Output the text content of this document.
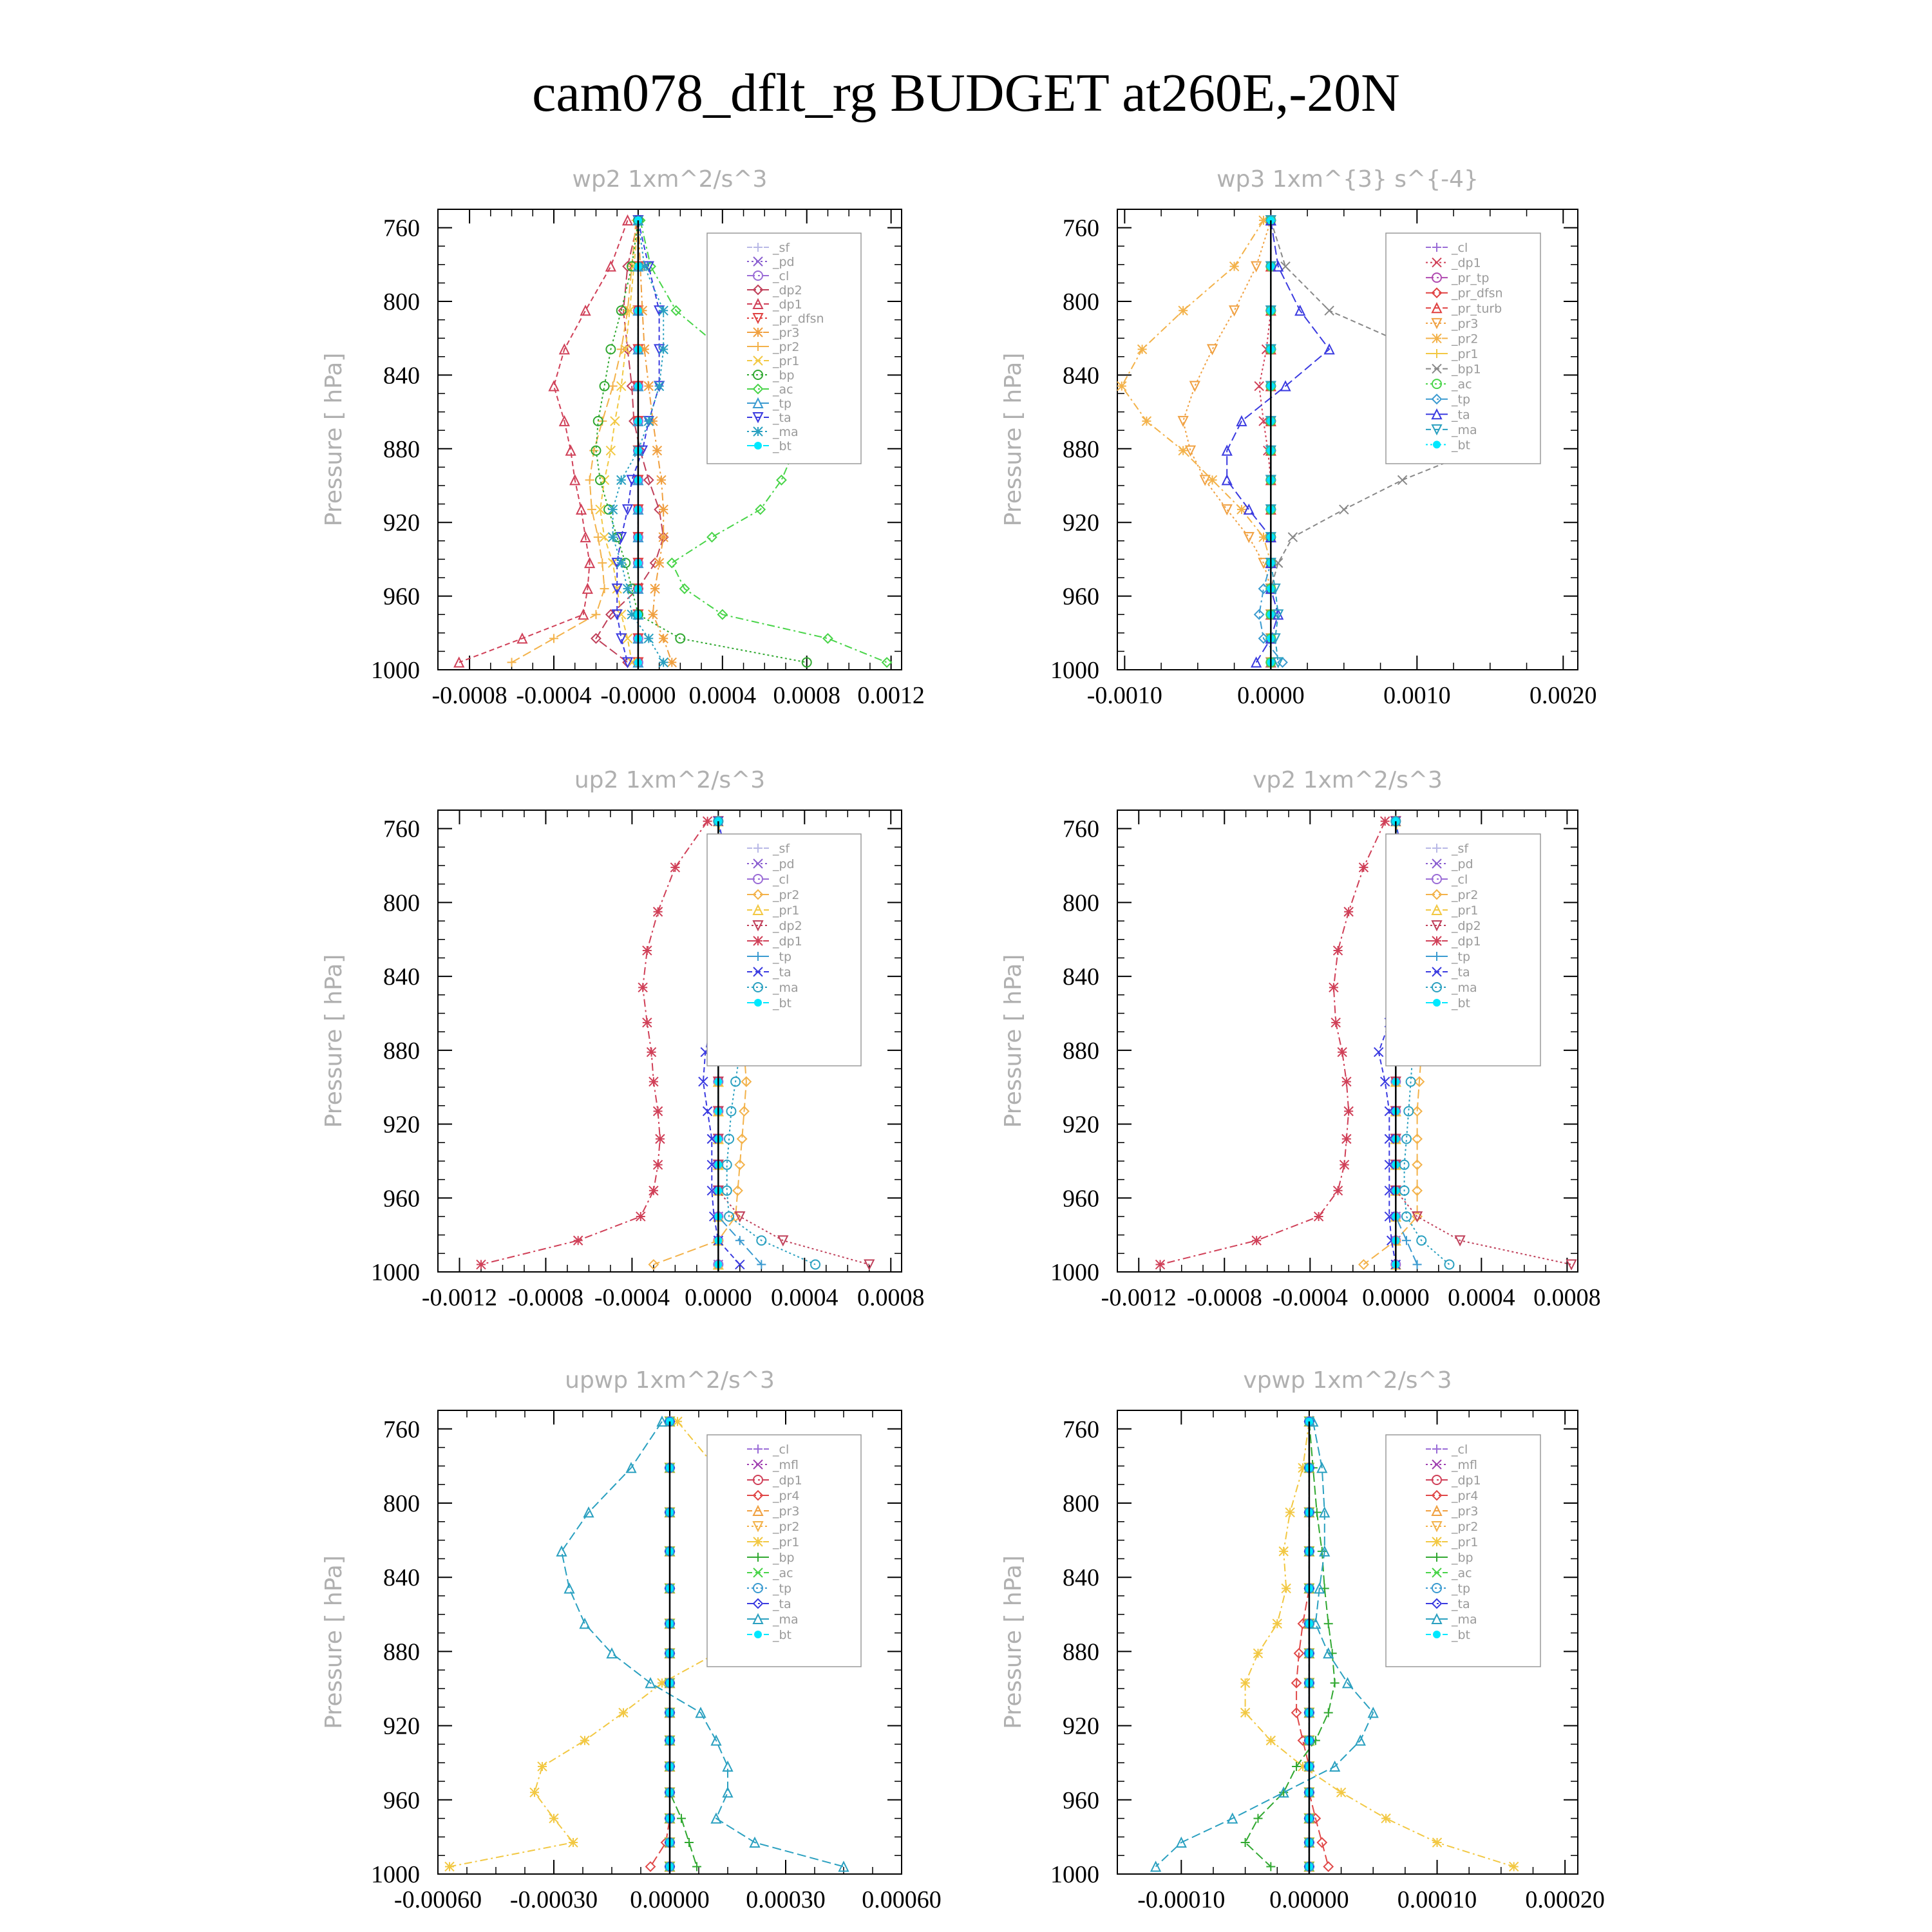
cam078_dflt_rg BUDGET at260E,-20N
wp2 1xm^2/s^3
Pressure [ hPa]
760
800
840
880
920
960
1000
-0.0008 -0.0004 -0.0000 0.0004 0.0008 0.0012
_sf
_pd
_cl
_dp2
_dp1
_pr_dfsn
_pr3
_pr2
_pr1
_bp
_ac
_tp
_ta
_ma
_bt
wp3 1xm^{3} s^{-4}
Pressure [ hPa]
760
800
840
880
920
960
1000
-0.0010	0.0000	0.0010	0.0020
_cl
_dp1
_pr_tp
_pr_dfsn
_pr_turb
_pr3
_pr2
_pr1
_bp1
_ac
_tp
_ta
_ma
_bt
up2 1xm^2/s^3
Pressure [ hPa]
760
800
840
880
920
960
1000
-0.0012 -0.0008 -0.0004 0.0000 0.0004 0.0008
_sf
_pd
_cl
_pr2
_pr1
_dp2
_dp1
_tp
_ta
_ma
_bt
vp2 1xm^2/s^3
Pressure [ hPa]
760
800
840
880
920
960
1000
-0.0012 -0.0008 -0.0004 0.0000 0.0004 0.0008
_sf
_pd
_cl
_pr2
_pr1
_dp2
_dp1
_tp
_ta
_ma
_bt
upwp 1xm^2/s^3
Pressure [ hPa]
760
800
840
880
920
960
1000
-0.00060 -0.00030 0.00000 0.00030 0.00060
_cl
_mfl
_dp1
_pr4
_pr3
_pr2
_pr1
_bp
_ac
_tp
_ta
_ma
_bt
vpwp 1xm^2/s^3
Pressure [ hPa]
760
800
840
880
920
960
1000
-0.00010 0.00000 0.00010 0.00020
_cl
_mfl
_dp1
_pr4
_pr3
_pr2
_pr1
_bp
_ac
_tp
_ta
_ma
_bt
